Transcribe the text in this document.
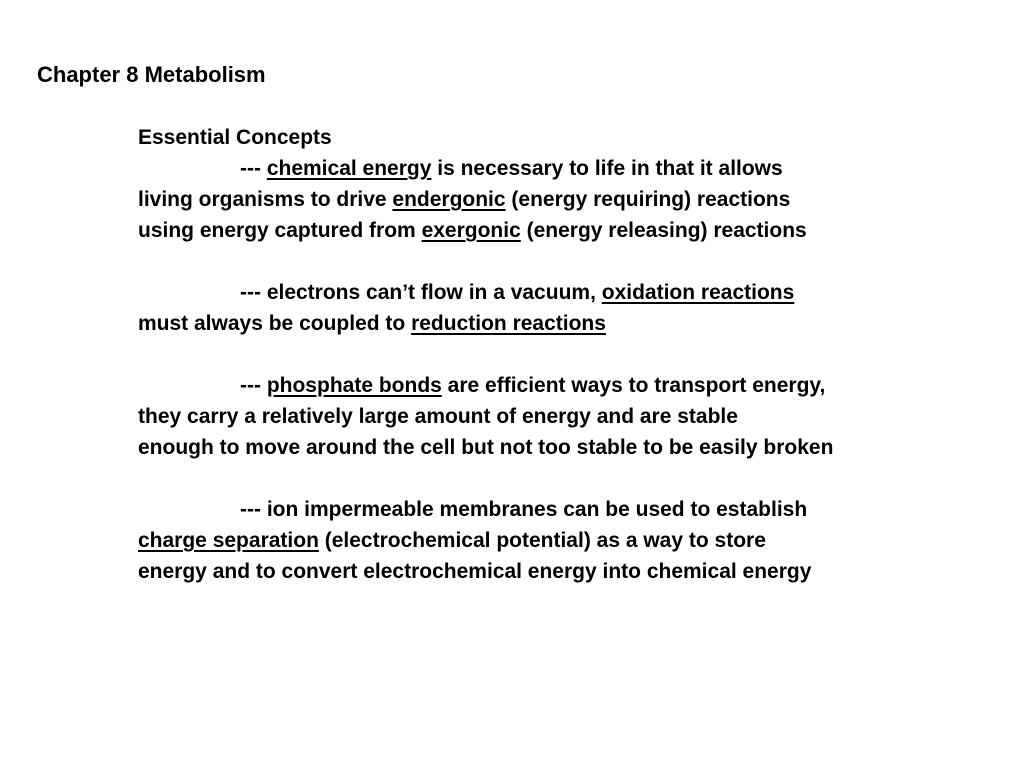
Chapter 8 Metabolism
Essential Concepts
--- chemical energy is necessary to life in that it allows
living organisms to drive endergonic (energy requiring) reactions
using energy captured from exergonic (energy releasing) reactions
--- electrons can’t flow in a vacuum, oxidation reactions
must always be coupled to reduction reactions
--- phosphate bonds are efficient ways to transport energy,
they carry a relatively large amount of energy and are stable
enough to move around the cell but not too stable to be easily broken
--- ion impermeable membranes can be used to establish
charge separation (electrochemical potential) as a way to store
energy and to convert electrochemical energy into chemical energy
